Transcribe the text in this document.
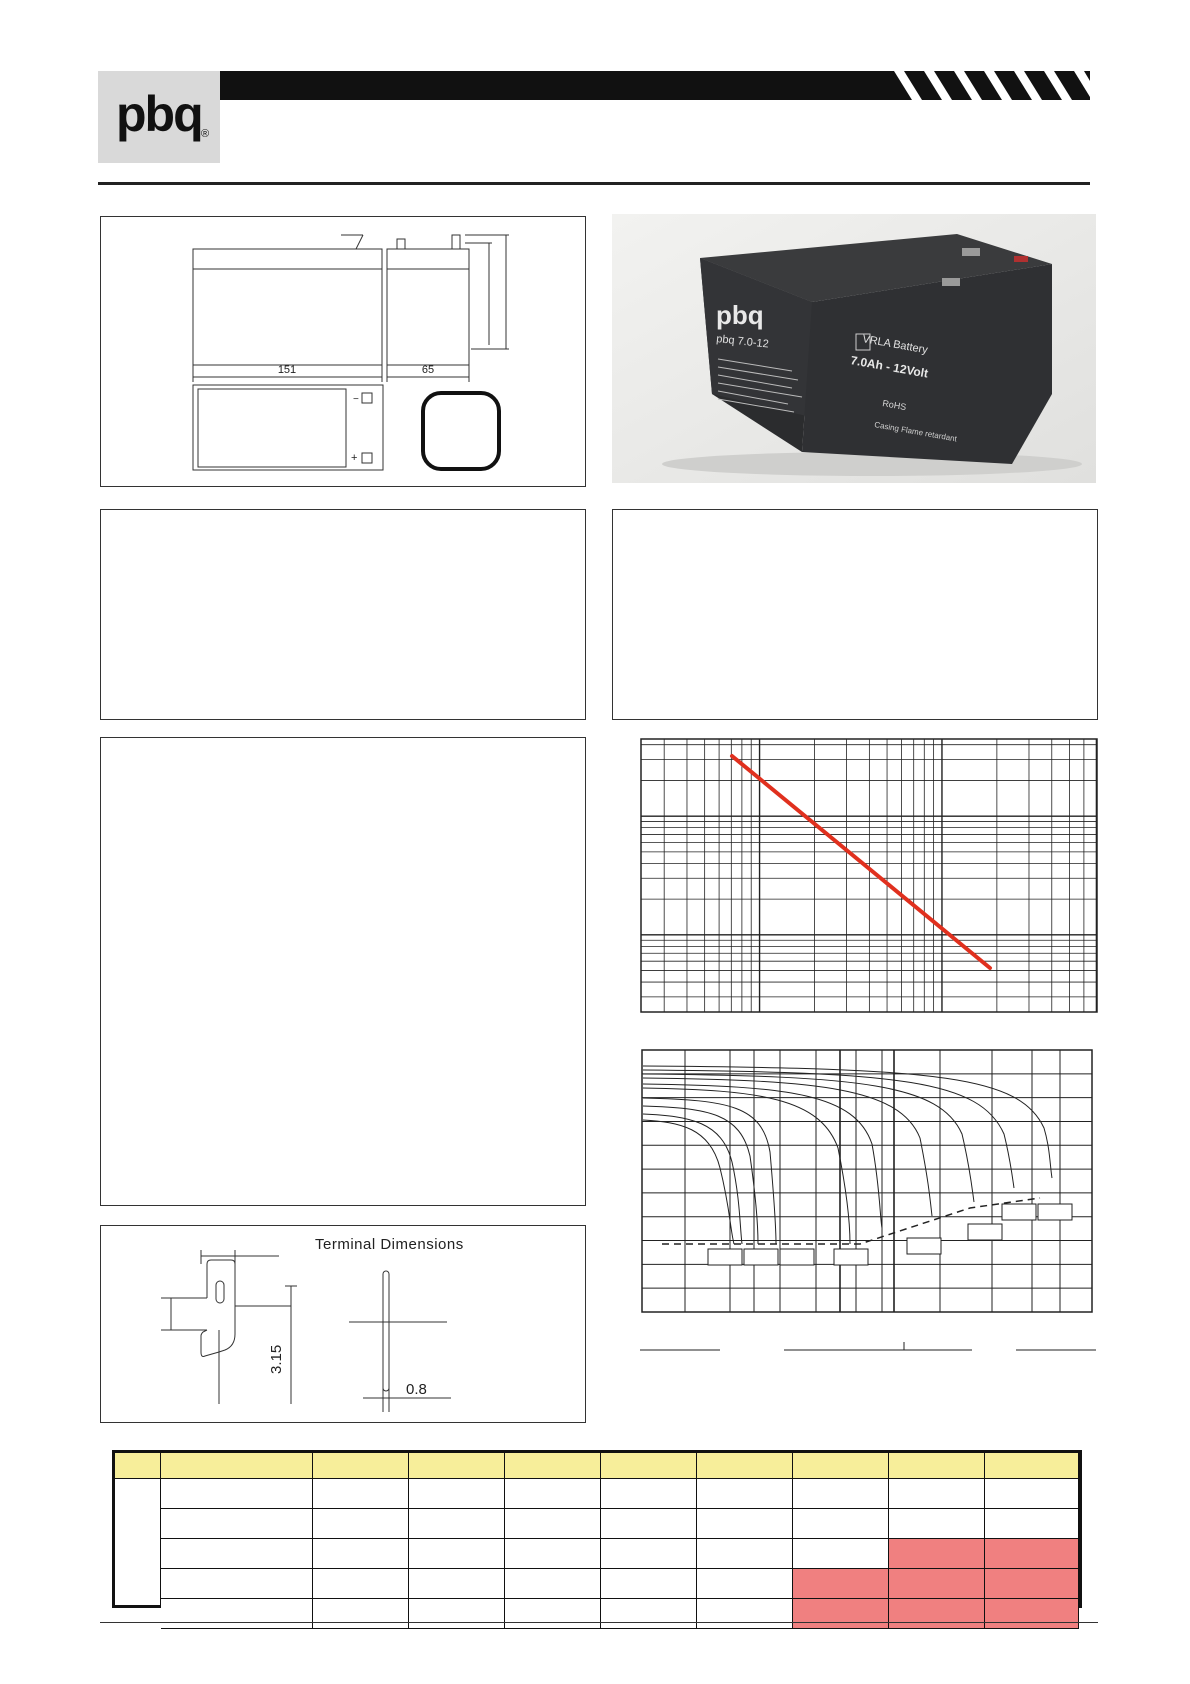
pbq ®
151	65
−
+
pbq
pbq 7.0-12	VRLA Battery
7.0Ah - 12Volt
RoHS
Casing Flame retardant
Terminal Dimensions
3.15
0.8
